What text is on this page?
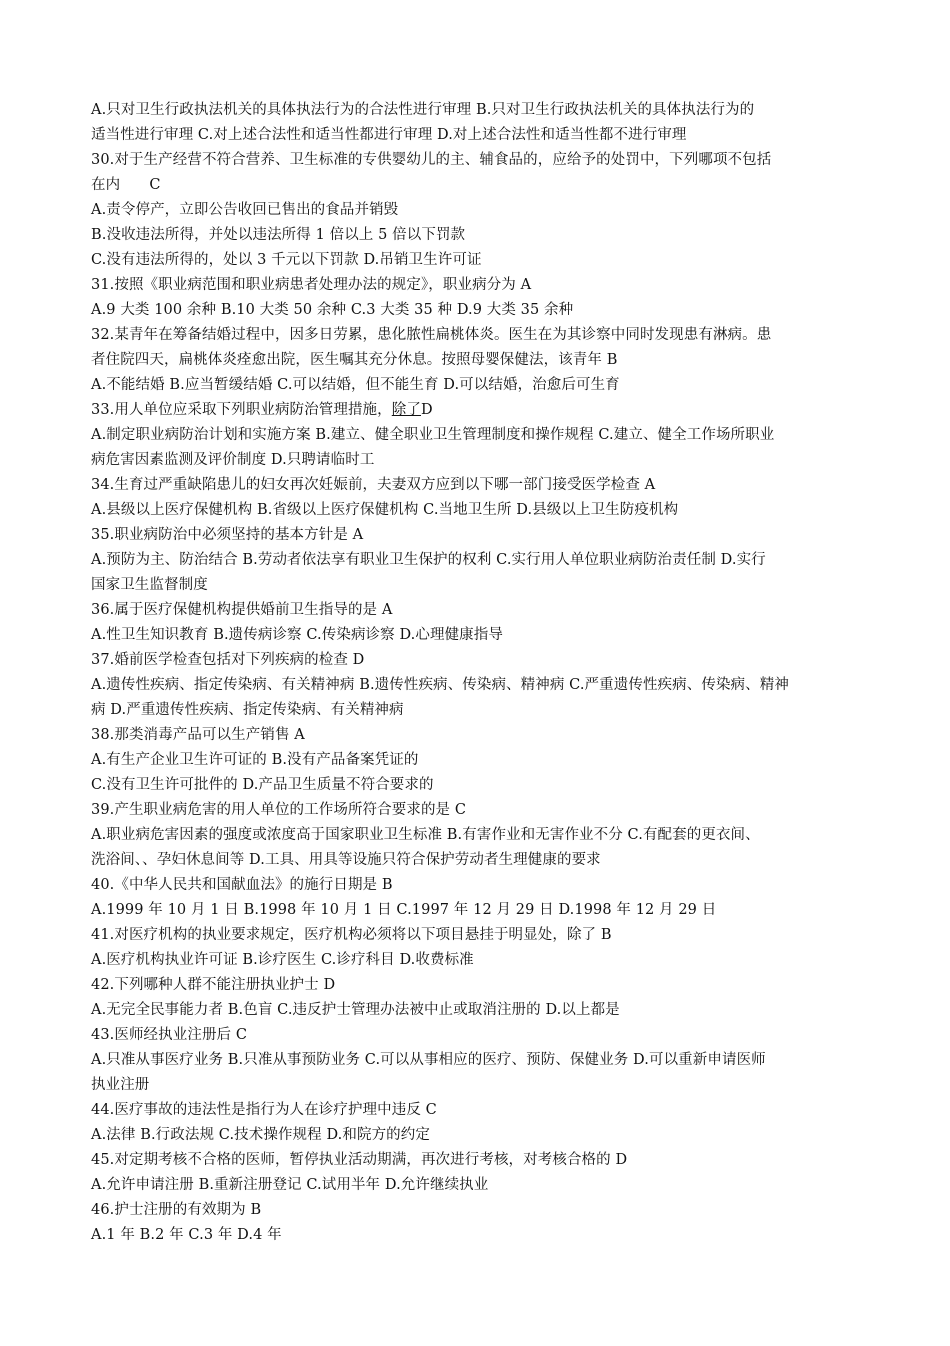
A.只对卫生行政执法机关的具体执法行为的合法性进行审理 B.只对卫生行政执法机关的具体执法行为的
适当性进行审理 C.对上述合法性和适当性都进行审理 D.对上述合法性和适当性都不进行审理
30.对于生产经营不符合营养、卫生标准的专供婴幼儿的主、辅食品的，应给予的处罚中，下列哪项不包括
在内　　C
A.责令停产，立即公告收回已售出的食品并销毁
B.没收违法所得，并处以违法所得 1 倍以上 5 倍以下罚款
C.没有违法所得的，处以 3 千元以下罚款 D.吊销卫生许可证
31.按照《职业病范围和职业病患者处理办法的规定》，职业病分为 A
A.9 大类 100 余种 B.10 大类 50 余种 C.3 大类 35 种 D.9 大类 35 余种
32.某青年在筹备结婚过程中，因多日劳累，患化脓性扁桃体炎。医生在为其诊察中同时发现患有淋病。患
者住院四天，扁桃体炎痊愈出院，医生嘱其充分休息。按照母婴保健法，该青年 B
A.不能结婚 B.应当暂缓结婚 C.可以结婚，但不能生育 D.可以结婚，治愈后可生育
33.用人单位应采取下列职业病防治管理措施，除了D
A.制定职业病防治计划和实施方案 B.建立、健全职业卫生管理制度和操作规程 C.建立、健全工作场所职业
病危害因素监测及评价制度 D.只聘请临时工
34.生育过严重缺陷患儿的妇女再次妊娠前，夫妻双方应到以下哪一部门接受医学检查 A
A.县级以上医疗保健机构 B.省级以上医疗保健机构 C.当地卫生所 D.县级以上卫生防疫机构
35.职业病防治中必须坚持的基本方针是 A
A.预防为主、防治结合 B.劳动者依法享有职业卫生保护的权利 C.实行用人单位职业病防治责任制 D.实行
国家卫生监督制度
36.属于医疗保健机构提供婚前卫生指导的是 A
A.性卫生知识教育 B.遗传病诊察 C.传染病诊察 D.心理健康指导
37.婚前医学检查包括对下列疾病的检查 D
A.遗传性疾病、指定传染病、有关精神病 B.遗传性疾病、传染病、精神病 C.严重遗传性疾病、传染病、精神
病 D.严重遗传性疾病、指定传染病、有关精神病
38.那类消毒产品可以生产销售 A
A.有生产企业卫生许可证的 B.没有产品备案凭证的
C.没有卫生许可批件的 D.产品卫生质量不符合要求的
39.产生职业病危害的用人单位的工作场所符合要求的是 C
A.职业病危害因素的强度或浓度高于国家职业卫生标准 B.有害作业和无害作业不分 C.有配套的更衣间、
洗浴间、、孕妇休息间等 D.工具、用具等设施只符合保护劳动者生理健康的要求
40.《中华人民共和国献血法》的施行日期是 B
A.1999 年 10 月 1 日 B.1998 年 10 月 1 日 C.1997 年 12 月 29 日 D.1998 年 12 月 29 日
41.对医疗机构的执业要求规定，医疗机构必须将以下项目悬挂于明显处，除了 B
A.医疗机构执业许可证 B.诊疗医生 C.诊疗科目 D.收费标准
42.下列哪种人群不能注册执业护士 D
A.无完全民事能力者 B.色盲 C.违反护士管理办法被中止或取消注册的 D.以上都是
43.医师经执业注册后 C
A.只准从事医疗业务 B.只准从事预防业务 C.可以从事相应的医疗、预防、保健业务 D.可以重新申请医师
执业注册
44.医疗事故的违法性是指行为人在诊疗护理中违反 C
A.法律 B.行政法规 C.技术操作规程 D.和院方的约定
45.对定期考核不合格的医师，暂停执业活动期满，再次进行考核，对考核合格的 D
A.允许申请注册 B.重新注册登记 C.试用半年 D.允许继续执业
46.护士注册的有效期为 B
A.1 年 B.2 年 C.3 年 D.4 年
